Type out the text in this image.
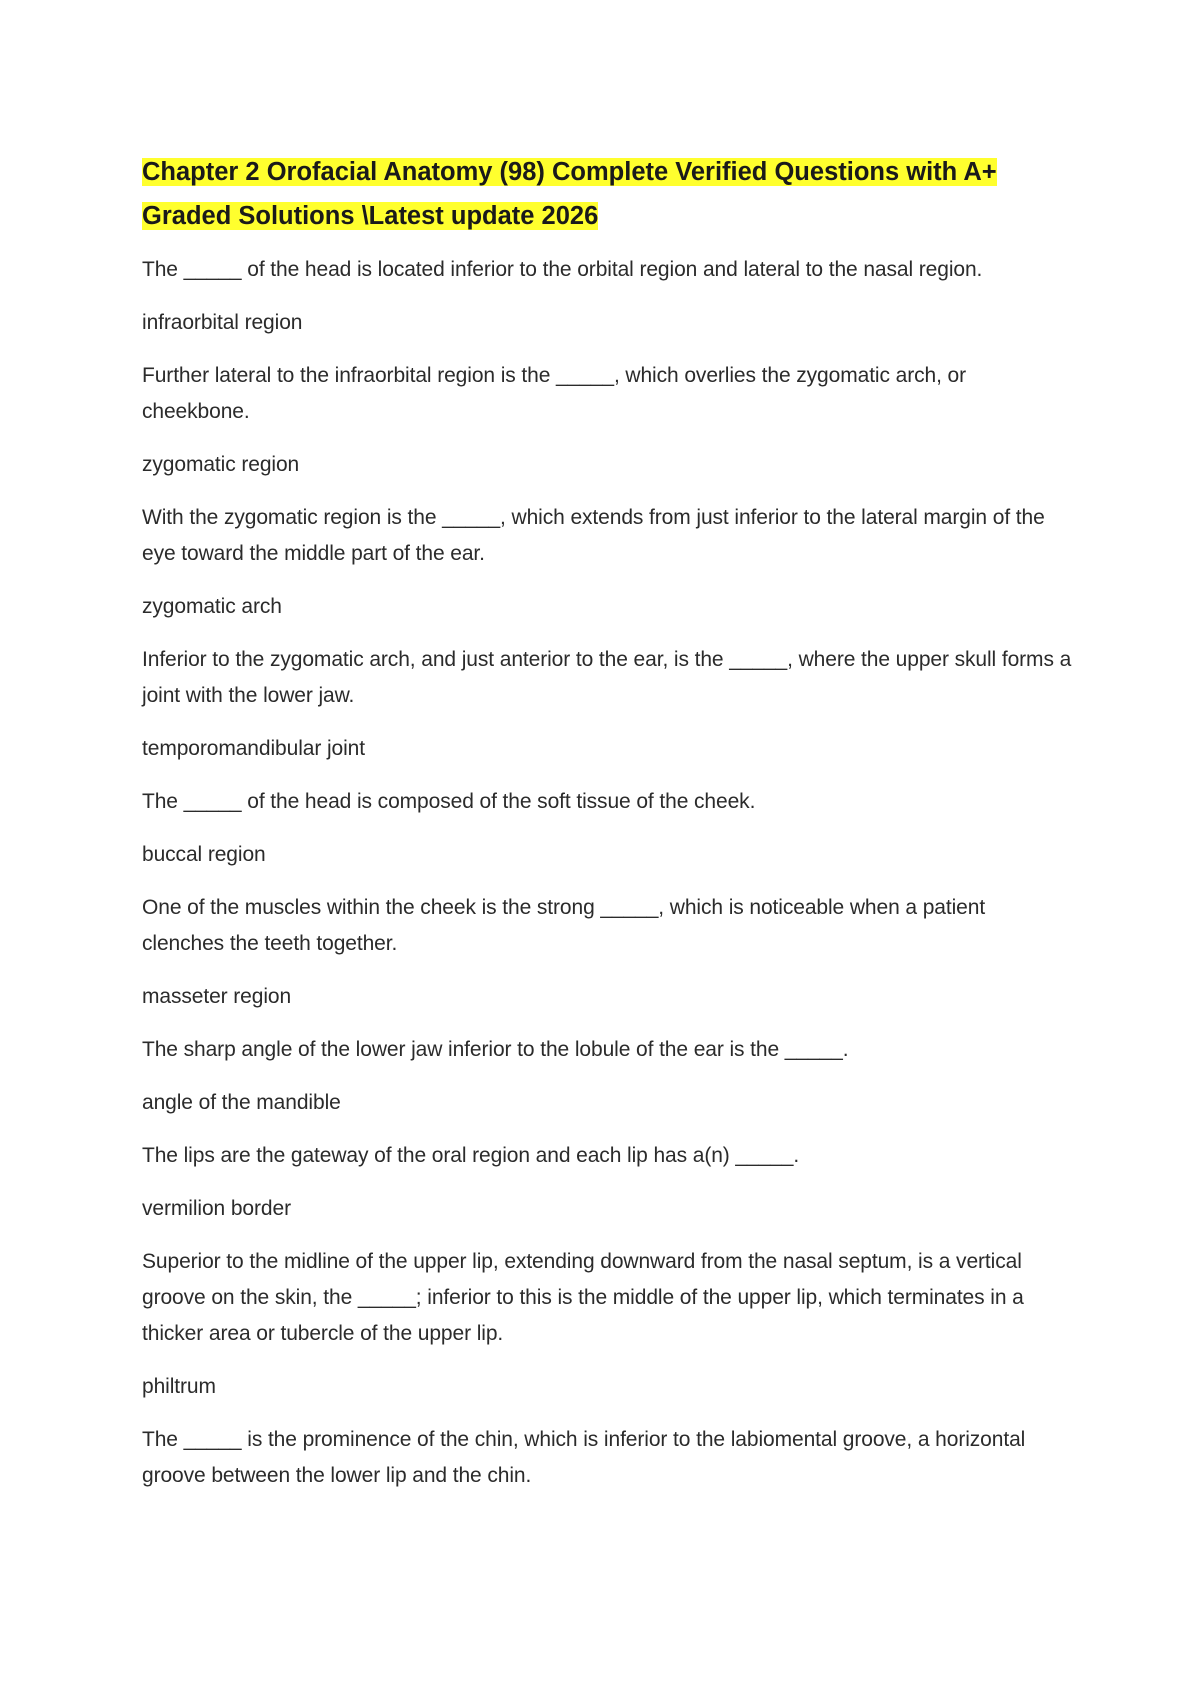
Chapter 2 Orofacial Anatomy (98) Complete Verified Questions with A+ Graded Solutions \Latest update 2026

The _____ of the head is located inferior to the orbital region and lateral to the nasal region.

infraorbital region

Further lateral to the infraorbital region is the _____, which overlies the zygomatic arch, or cheekbone.

zygomatic region

With the zygomatic region is the _____, which extends from just inferior to the lateral margin of the eye toward the middle part of the ear.

zygomatic arch

Inferior to the zygomatic arch, and just anterior to the ear, is the _____, where the upper skull forms a joint with the lower jaw.

temporomandibular joint

The _____ of the head is composed of the soft tissue of the cheek.

buccal region

One of the muscles within the cheek is the strong _____, which is noticeable when a patient clenches the teeth together.

masseter region

The sharp angle of the lower jaw inferior to the lobule of the ear is the _____.

angle of the mandible

The lips are the gateway of the oral region and each lip has a(n) _____.

vermilion border

Superior to the midline of the upper lip, extending downward from the nasal septum, is a vertical groove on the skin, the _____; inferior to this is the middle of the upper lip, which terminates in a thicker area or tubercle of the upper lip.

philtrum

The _____ is the prominence of the chin, which is inferior to the labiomental groove, a horizontal groove between the lower lip and the chin.
